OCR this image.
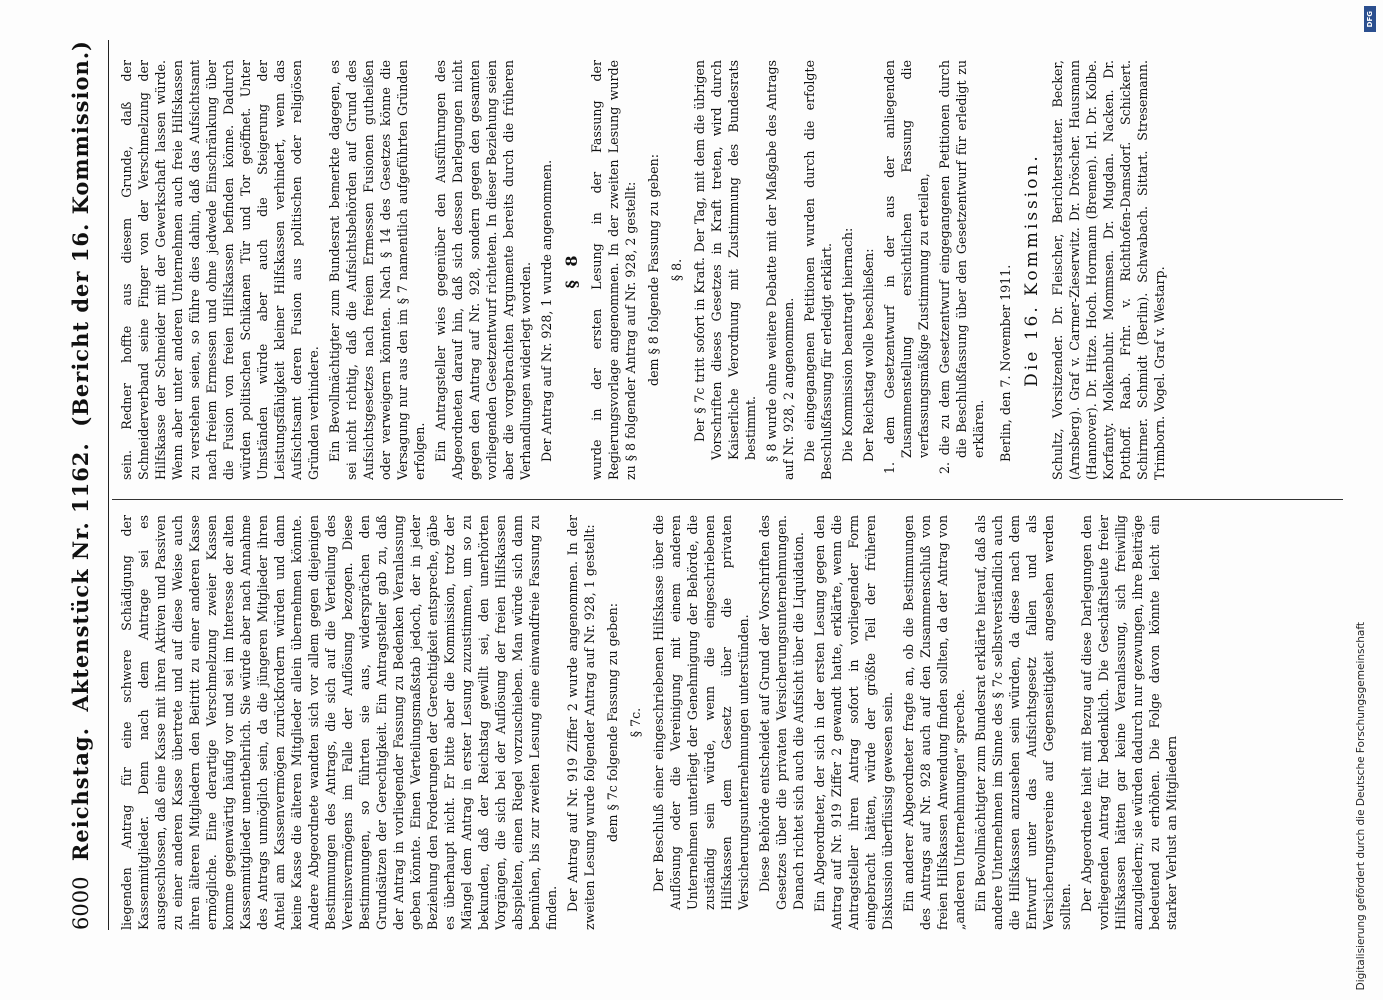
6000
Reichstag.
Aktenstück Nr. 1162.
(Bericht der 16. Kommission.)

liegenden Antrag für eine schwere Schädigung der Kassenmitglieder. Denn nach dem Antrage sei es ausgeschlossen, daß eine Kasse mit ihren Aktiven und Passiven zu einer anderen Kasse übertrete und auf diese Weise auch ihren älteren Mitgliedern den Beitritt zu einer anderen Kasse ermögliche. Eine derartige Verschmelzung zweier Kassen komme gegenwärtig häufig vor und sei im Interesse der alten Kassenmitglieder unentbehrlich. Sie würde aber nach Annahme des Antrags unmöglich sein, da die jüngeren Mitglieder ihren Anteil am Kassenvermögen zurückfordern würden und dann keine Kasse die älteren Mitglieder allein übernehmen könnte. Andere Abgeordnete wandten sich vor allem gegen diejenigen Bestimmungen des Antrags, die sich auf die Verteilung des Vereinsvermögens im Falle der Auflösung bezogen. Diese Bestimmungen, so führten sie aus, widersprächen den Grundsätzen der Gerechtigkeit. Ein Antragsteller gab zu, daß der Antrag in vorliegender Fassung zu Bedenken Veranlassung geben könnte. Einen Verteilungsmaßstab jedoch, der in jeder Beziehung den Forderungen der Gerechtigkeit entspreche, gäbe es überhaupt nicht. Er bitte aber die Kommission, trotz der Mängel dem Antrag in erster Lesung zuzustimmen, um so zu bekunden, daß der Reichstag gewillt sei, den unerhörten Vorgängen, die sich bei der Auflösung der freien Hilfskassen abspielten, einen Riegel vorzuschieben. Man würde sich dann bemühen, bis zur zweiten Lesung eine einwandfreie Fassung zu finden. Der Antrag auf Nr. 919 Ziffer 2 wurde angenommen. In der zweiten Lesung wurde folgender Antrag auf Nr. 928, 1 gestellt: dem § 7c folgende Fassung zu geben: § 7c. Der Beschluß einer eingeschriebenen Hilfskasse über die Auflösung oder die Vereinigung mit einem anderen Unternehmen unterliegt der Genehmigung der Behörde, die zuständig sein würde, wenn die eingeschriebenen Hilfskassen dem Gesetz über die privaten Versicherungsunternehmungen unterstünden. Diese Behörde entscheidet auf Grund der Vorschriften des Gesetzes über die privaten Versicherungsunternehmungen. Danach richtet sich auch die Aufsicht über die Liquidation. Ein Abgeordneter, der sich in der ersten Lesung gegen den Antrag auf Nr. 919 Ziffer 2 gewandt hatte, erklärte, wenn die Antragsteller ihren Antrag sofort in vorliegender Form eingebracht hätten, würde der größte Teil der früheren Diskussion überflüssig gewesen sein. Ein anderer Abgeordneter fragte an, ob die Bestimmungen des Antrags auf Nr. 928 auch auf den Zusammenschluß von freien Hilfskassen Anwendung finden sollten, da der Antrag von „anderen Unternehmungen“ spreche. Ein Bevollmächtigter zum Bundesrat erklärte hierauf, daß als andere Unternehmen im Sinne des § 7c selbstverständlich auch die Hilfskassen anzusehen sein würden, da diese nach dem Entwurf unter das Aufsichtsgesetz fallen und als Versicherungsvereine auf Gegenseitigkeit angesehen werden sollten. Der Abgeordnete hielt mit Bezug auf diese Darlegungen den vorliegenden Antrag für bedenklich. Die Geschäftsleute freier Hilfskassen hätten gar keine Veranlassung, sich freiwillig anzugliedern; sie würden dadurch nur gezwungen, ihre Beiträge bedeutend zu erhöhen. Die Folge davon könnte leicht ein starker Verlust an Mitgliedern

sein. Redner hoffte aus diesem Grunde, daß der Schneiderverband seine Finger von der Verschmelzung der Hilfskasse der Schneider mit der Gewerkschaft lassen würde. Wenn aber unter anderen Unternehmen auch freie Hilfskassen zu verstehen seien, so führe dies dahin, daß das Aufsichtsamt nach freiem Ermessen und ohne jedwede Einschränkung über die Fusion von freien Hilfskassen befinden könne. Dadurch würden politischen Schikanen Tür und Tor geöffnet. Unter Umständen würde aber auch die Steigerung der Leistungsfähigkeit kleiner Hilfskassen verhindert, wenn das Aufsichtsamt deren Fusion aus politischen oder religiösen Gründen verhindere. Ein Bevollmächtigter zum Bundesrat bemerkte dagegen, es sei nicht richtig, daß die Aufsichtsbehörden auf Grund des Aufsichtsgesetzes nach freiem Ermessen Fusionen gutheißen oder verweigern könnten. Nach § 14 des Gesetzes könne die Versagung nur aus den im § 7 namentlich aufgeführten Gründen erfolgen. Ein Antragsteller wies gegenüber den Ausführungen des Abgeordneten darauf hin, daß sich dessen Darlegungen nicht gegen den Antrag auf Nr. 928, sondern gegen den gesamten vorliegenden Gesetzentwurf richteten. In dieser Beziehung seien aber die vorgebrachten Argumente bereits durch die früheren Verhandlungen widerlegt worden. Der Antrag auf Nr. 928, 1 wurde angenommen. § 8 wurde in der ersten Lesung in der Fassung der Regierungsvorlage angenommen. In der zweiten Lesung wurde zu § 8 folgender Antrag auf Nr. 928, 2 gestellt: dem § 8 folgende Fassung zu geben: § 8. Der § 7c tritt sofort in Kraft. Der Tag, mit dem die übrigen Vorschriften dieses Gesetzes in Kraft treten, wird durch Kaiserliche Verordnung mit Zustimmung des Bundesrats bestimmt. § 8 wurde ohne weitere Debatte mit der Maßgabe des Antrags auf Nr. 928, 2 angenommen. Die eingegangenen Petitionen wurden durch die erfolgte Beschlußfassung für erledigt erklärt. Die Kommission beantragt hiernach: Der Reichstag wolle beschließen: 1. dem Gesetzentwurf in der aus der anliegenden Zusammenstellung ersichtlichen Fassung die verfassungsmäßige Zustimmung zu erteilen, 2. die zu dem Gesetzentwurf eingegangenen Petitionen durch die Beschlußfassung über den Gesetzentwurf für erledigt zu erklären. Berlin, den 7. November 1911. Die 16. Kommission. Schultz, Vorsitzender. Dr. Fleischer, Berichterstatter. Becker, (Arnsberg). Graf v. Carmer-Zieserwitz. Dr. Dröscher. Hausmann (Hannover). Dr. Hitze. Hoch. Hormann (Bremen). Irl. Dr. Kolbe. Korfanty. Molkenbuhr. Mommsen. Dr. Mugdan. Nacken. Dr. Potthoff. Raab. Frhr. v. Richthofen-Damsdorf. Schickert. Schirmer. Schmidt (Berlin). Schwabach. Sittart. Stresemann. Trimborn. Vogel. Graf v. Westarp.

DFG
Digitalisierung gefördert durch die Deutsche Forschungsgemeinschaft
